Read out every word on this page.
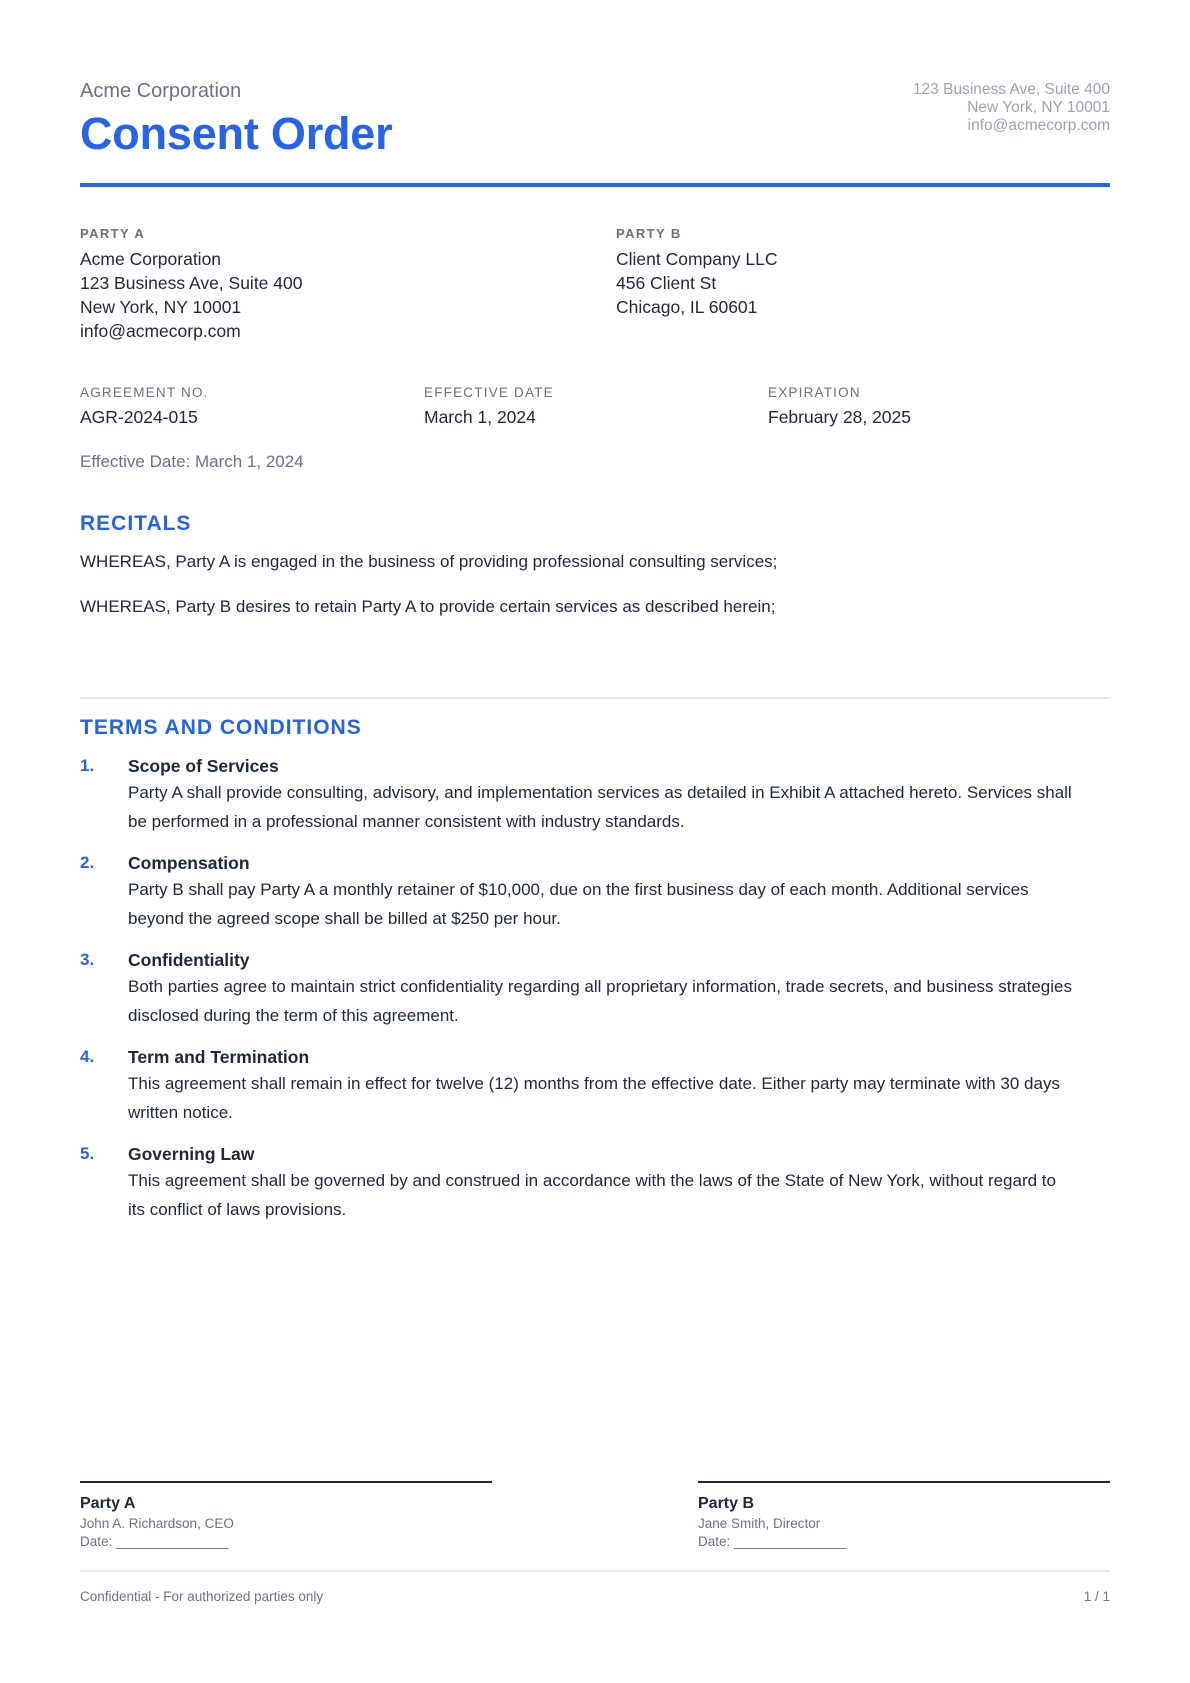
Acme Corporation
Consent Order
123 Business Ave, Suite 400
New York, NY 10001
info@acmecorp.com
PARTY A
Acme Corporation
123 Business Ave, Suite 400
New York, NY 10001
info@acmecorp.com
PARTY B
Client Company LLC
456 Client St
Chicago, IL 60601
AGREEMENT NO.
AGR-2024-015
EFFECTIVE DATE
March 1, 2024
EXPIRATION
February 28, 2025
Effective Date: March 1, 2024
RECITALS
WHEREAS, Party A is engaged in the business of providing professional consulting services;
WHEREAS, Party B desires to retain Party A to provide certain services as described herein;
TERMS AND CONDITIONS
1. Scope of Services
Party A shall provide consulting, advisory, and implementation services as detailed in Exhibit A attached hereto. Services shall
be performed in a professional manner consistent with industry standards.
2. Compensation
Party B shall pay Party A a monthly retainer of $10,000, due on the first business day of each month. Additional services
beyond the agreed scope shall be billed at $250 per hour.
3. Confidentiality
Both parties agree to maintain strict confidentiality regarding all proprietary information, trade secrets, and business strategies
disclosed during the term of this agreement.
4. Term and Termination
This agreement shall remain in effect for twelve (12) months from the effective date. Either party may terminate with 30 days
written notice.
5. Governing Law
This agreement shall be governed by and construed in accordance with the laws of the State of New York, without regard to
its conflict of laws provisions.
Party A
John A. Richardson, CEO
Date: _______________
Party B
Jane Smith, Director
Date: _______________
Confidential - For authorized parties only	1 / 1
